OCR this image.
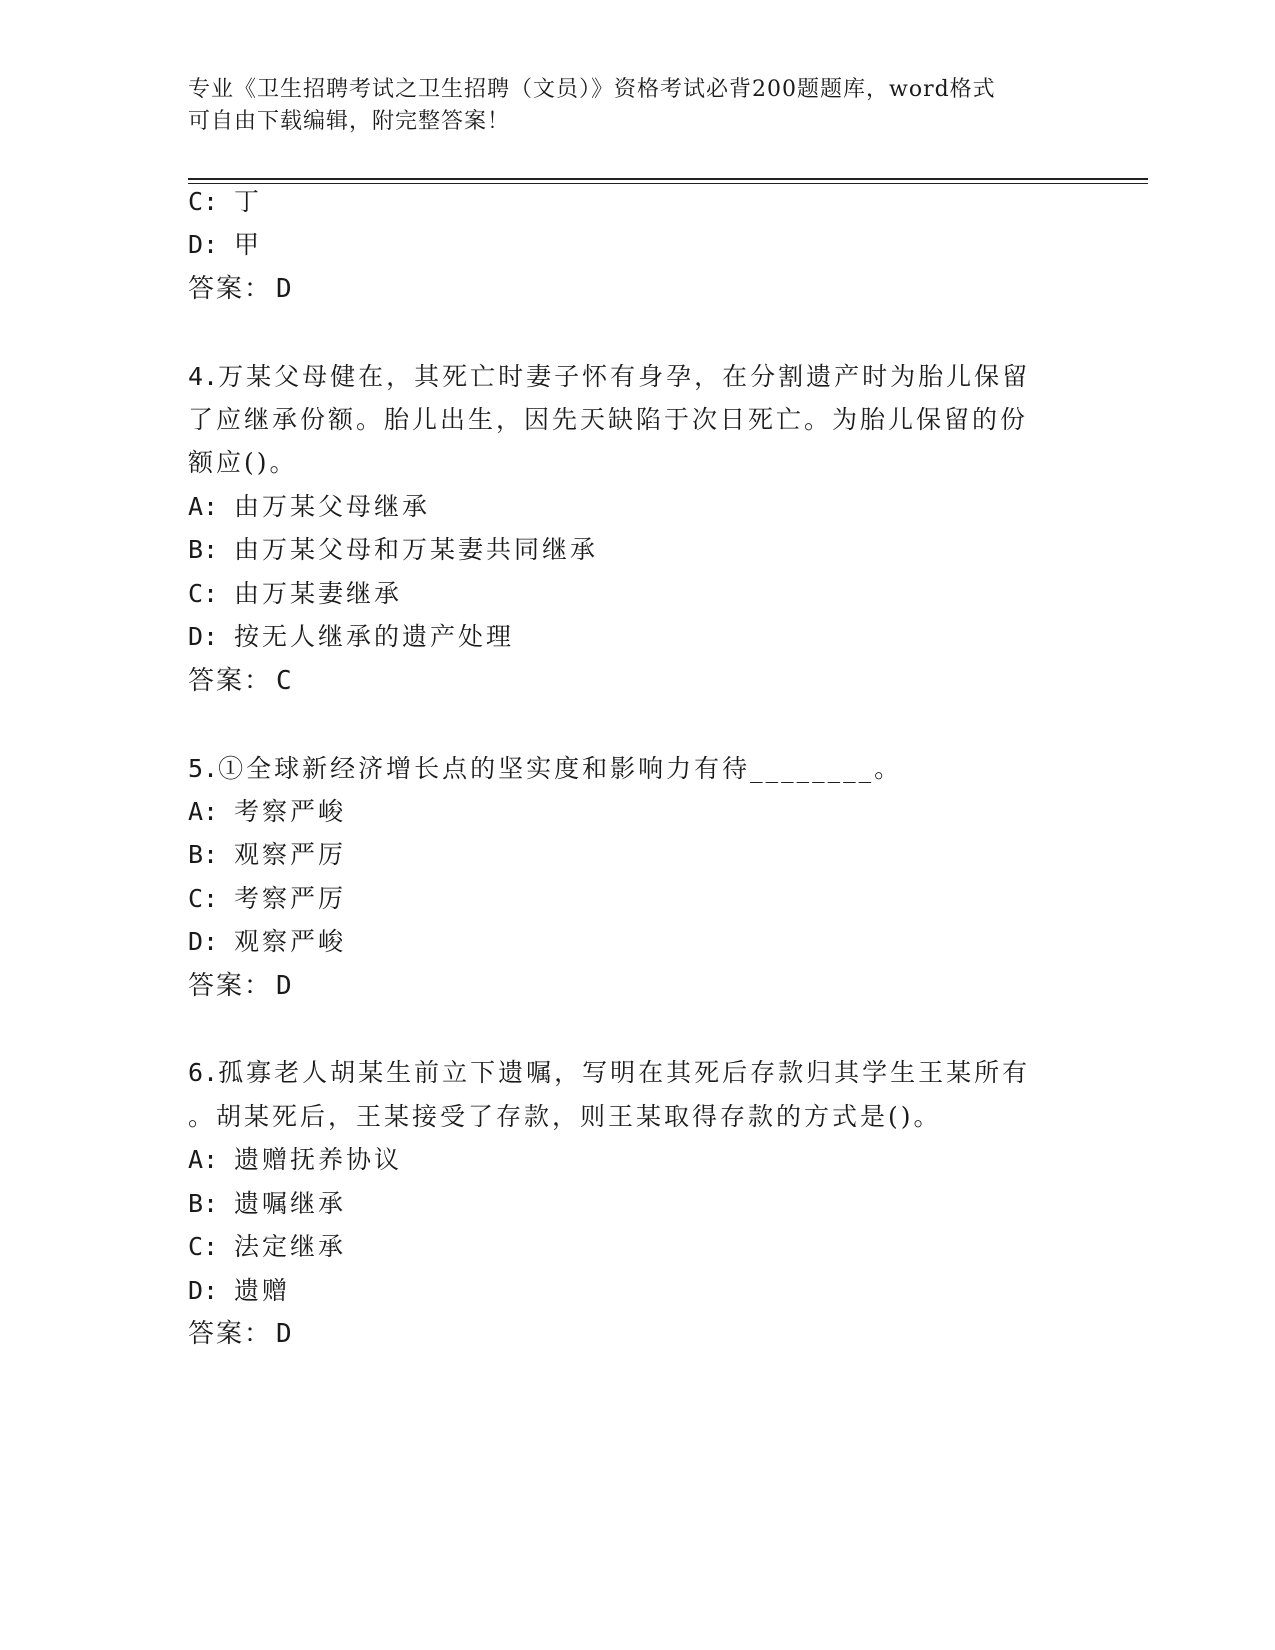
专业《卫生招聘考试之卫生招聘（文员）》资格考试必背200题题库，word格式
可自由下载编辑，附完整答案！
C: 丁
D: 甲
答案： D
4.万某父母健在，其死亡时妻子怀有身孕，在分割遗产时为胎儿保留
了应继承份额。胎儿出生，因先天缺陷于次日死亡。为胎儿保留的份
额应()。
A: 由万某父母继承
B: 由万某父母和万某妻共同继承
C: 由万某妻继承
D: 按无人继承的遗产处理
答案： C
5.①全球新经济增长点的坚实度和影响力有待________。
A: 考察严峻
B: 观察严厉
C: 考察严厉
D: 观察严峻
答案： D
6.孤寡老人胡某生前立下遗嘱，写明在其死后存款归其学生王某所有
。胡某死后，王某接受了存款，则王某取得存款的方式是()。
A: 遗赠抚养协议
B: 遗嘱继承
C: 法定继承
D: 遗赠
答案： D
